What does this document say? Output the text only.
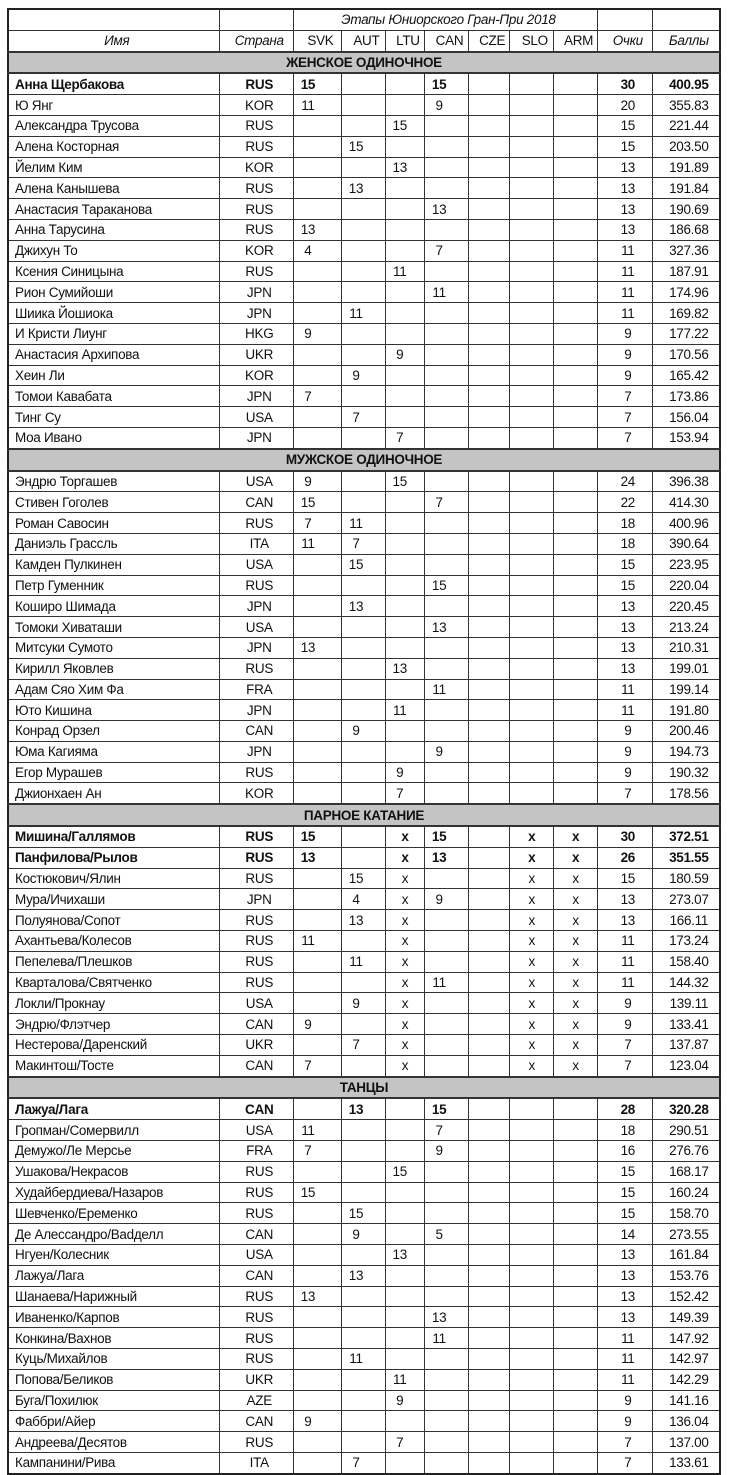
		Этапы Юниорского Гран-При 2018								
Имя	Страна	SVK	AUT	LTU	CAN	CZE	SLO	ARM	Очки	Баллы
ЖЕНСКОЕ ОДИНОЧНОЕ										
Анна Щербакова	RUS	15			15				30	400.95
Ю Янг	KOR	11			9				20	355.83
Александра Трусова	RUS			15					15	221.44
Алена Косторная	RUS		15						15	203.50
Йелим Ким	KOR			13					13	191.89
Алена Канышева	RUS		13						13	191.84
Анастасия Тараканова	RUS				13				13	190.69
Анна Тарусина	RUS	13							13	186.68
Джихун То	KOR	4			7				11	327.36
Ксения Синицына	RUS			11					11	187.91
Рион Сумийоши	JPN				11				11	174.96
Шиика Йошиока	JPN		11						11	169.82
И Кристи Лиунг	HKG	9							9	177.22
Анастасия Архипова	UKR			9					9	170.56
Хеин Ли	KOR		9						9	165.42
Томои Кавабата	JPN	7							7	173.86
Тинг Су	USA		7						7	156.04
Моа Ивано	JPN			7					7	153.94
МУЖСКОЕ ОДИНОЧНОЕ										
Эндрю Торгашев	USA	9		15					24	396.38
Стивен Гоголев	CAN	15			7				22	414.30
Роман Савосин	RUS	7	11						18	400.96
Даниэль Грассль	ITA	11	7						18	390.64
Камден Пулкинен	USA		15						15	223.95
Петр Гуменник	RUS				15				15	220.04
Коширо Шимада	JPN		13						13	220.45
Томоки Хиваташи	USA				13				13	213.24
Митсуки Сумото	JPN	13							13	210.31
Кирилл Яковлев	RUS			13					13	199.01
Адам Сяо Хим Фа	FRA				11				11	199.14
Юто Кишина	JPN			11					11	191.80
Конрад Орзел	CAN		9						9	200.46
Юма Кагияма	JPN				9				9	194.73
Егор Мурашев	RUS			9					9	190.32
Джионхаен Ан	KOR			7					7	178.56
ПАРНОЕ КАТАНИЕ										
Мишина/Галлямов	RUS	15		x	15		x	x	30	372.51
Панфилова/Рылов	RUS	13		x	13		x	x	26	351.55
Костюкович/Ялин	RUS		15	x			x	x	15	180.59
Мура/Ичихаши	JPN		4	x	9		x	x	13	273.07
Полуянова/Сопот	RUS		13	x			x	x	13	166.11
Ахантьева/Колесов	RUS	11		x			x	x	11	173.24
Пепелева/Плешков	RUS		11	x			x	x	11	158.40
Кварталова/Святченко	RUS			x	11		x	x	11	144.32
Локли/Прокнау	USA		9	x			x	x	9	139.11
Эндрю/Флэтчер	CAN	9		x			x	x	9	133.41
Нестерова/Даренский	UKR		7	x			x	x	7	137.87
Макинтош/Тосте	CAN	7		x			x	x	7	123.04
ТАНЦЫ										
Лажуа/Лага	CAN		13		15				28	320.28
Гропман/Сомервилл	USA	11			7				18	290.51
Демужо/Ле Мерсье	FRA	7			9				16	276.76
Ушакова/Некрасов	RUS			15					15	168.17
Худайбердиева/Назаров	RUS	15							15	160.24
Шевченко/Еременко	RUS		15						15	158.70
Де Алессандро/Ваdделл	CAN		9		5				14	273.55
Нгуен/Колесник	USA			13					13	161.84
Лажуа/Лага	CAN		13						13	153.76
Шанаева/Нарижный	RUS	13							13	152.42
Иваненко/Карпов	RUS				13				13	149.39
Конкина/Вахнов	RUS				11				11	147.92
Куць/Михайлов	RUS		11						11	142.97
Попова/Беликов	UKR			11					11	142.29
Буга/Похилюк	AZE			9					9	141.16
Фаббри/Айер	CAN	9							9	136.04
Андреева/Десятов	RUS			7					7	137.00
Кампанини/Рива	ITA		7						7	133.61
